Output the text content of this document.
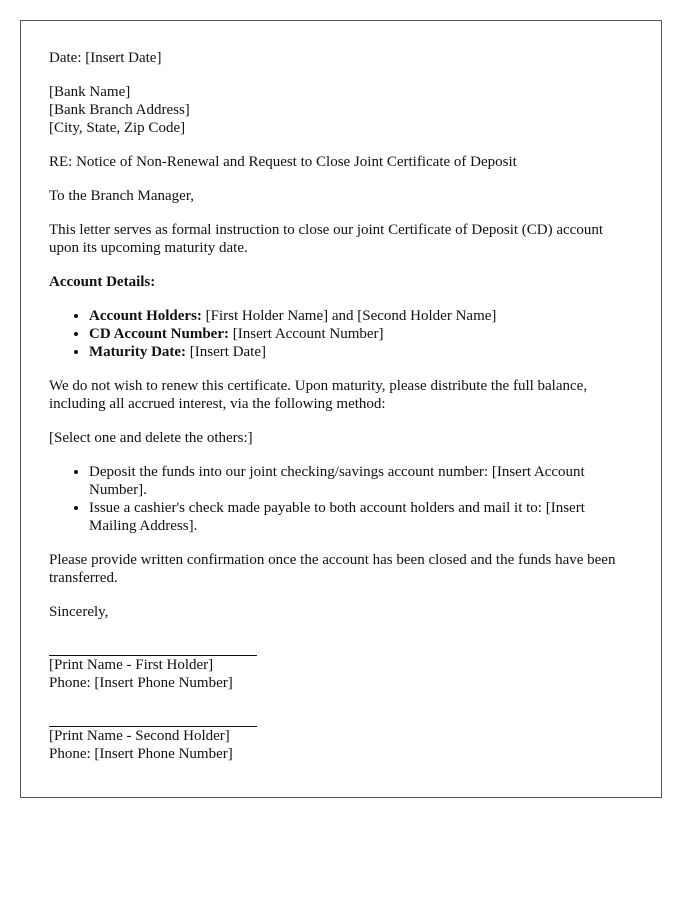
Date: [Insert Date]

[Bank Name]

[Bank Branch Address]

[City, State, Zip Code]

RE: Notice of Non-Renewal and Request to Close Joint Certificate of Deposit

To the Branch Manager,

This letter serves as formal instruction to close our joint Certificate of Deposit (CD) account upon its upcoming maturity date.

Account Details:

• Account Holders: [First Holder Name] and [Second Holder Name]
• CD Account Number: [Insert Account Number]
• Maturity Date: [Insert Date]

We do not wish to renew this certificate. Upon maturity, please distribute the full balance, including all accrued interest, via the following method:

[Select one and delete the others:]

• Deposit the funds into our joint checking/savings account number: [Insert Account Number].
• Issue a cashier's check made payable to both account holders and mail it to: [Insert Mailing Address].

Please provide written confirmation once the account has been closed and the funds have been transferred.

Sincerely,

[Print Name - First Holder]

Phone: [Insert Phone Number]

[Print Name - Second Holder]

Phone: [Insert Phone Number]
